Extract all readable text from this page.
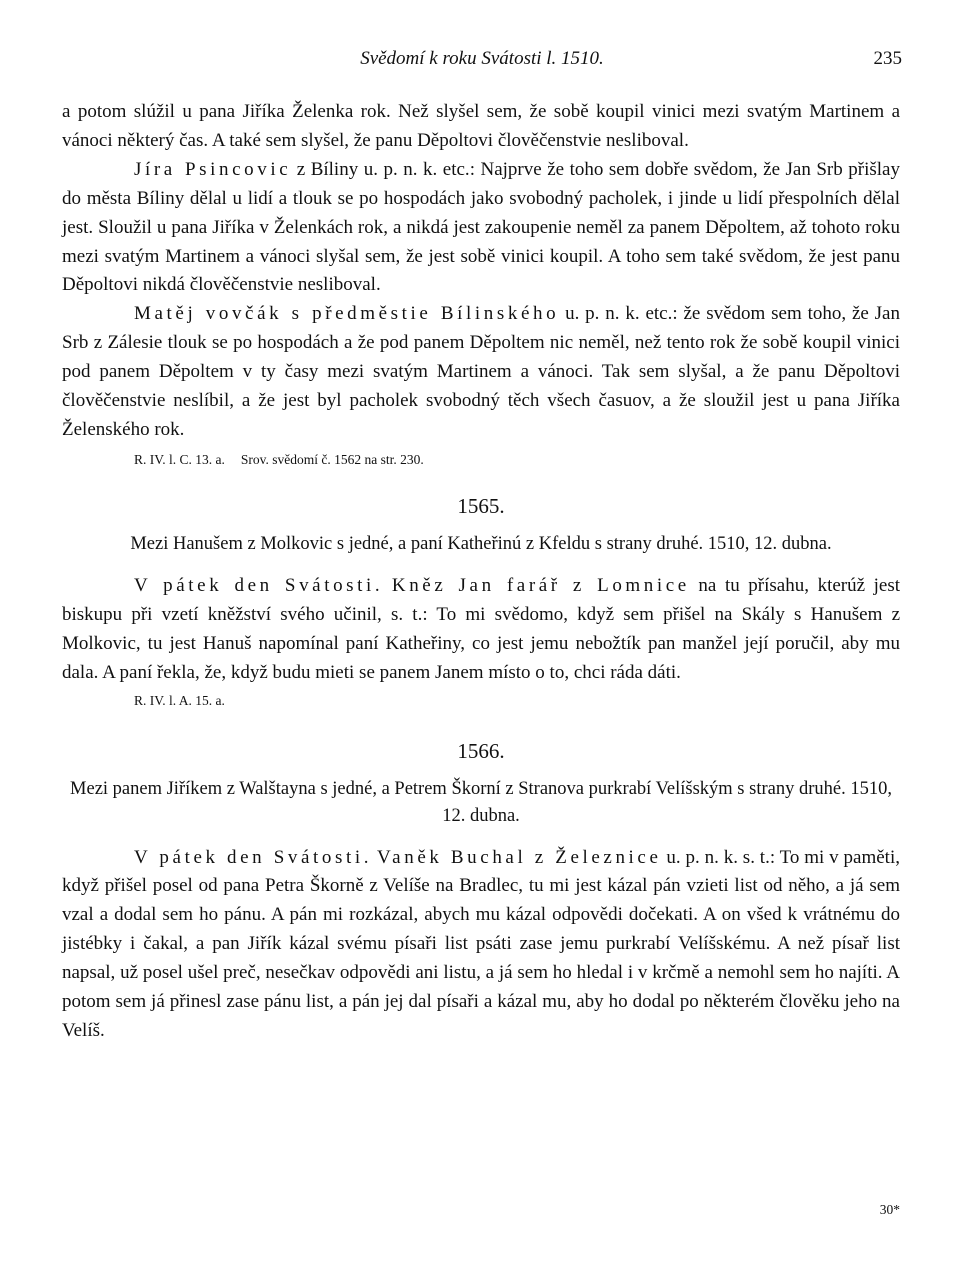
Svědomí k roku Svátosti l. 1510.	235

a potom slúžil u pana Jiříka Želenka rok. Než slyšel sem, že sobě koupil vinici mezi svatým Martinem a vánoci některý čas. A také sem slyšel, že panu Děpoltovi člověčenstvie nesliboval.

Jíra Psincovic z Bíliny u. p. n. k. etc.: Najprve že toho sem dobře svědom, že Jan Srb přišlay do města Bíliny dělal u lidí a tlouk se po hospodách jako svobodný pacholek, i jinde u lidí přespolních dělal jest. Sloužil u pana Jiříka v Želenkách rok, a nikdá jest zakoupenie neměl za panem Děpoltem, až tohoto roku mezi svatým Martinem a vánoci slyšal sem, že jest sobě vinici koupil. A toho sem také svědom, že jest panu Děpoltovi nikdá člověčenstvie nesliboval.

Matěj vovčák s předměstie Bílinského u. p. n. k. etc.: že svědom sem toho, že Jan Srb z Zálesie tlouk se po hospodách a že pod panem Děpoltem nic neměl, než tento rok že sobě koupil vinici pod panem Děpoltem v ty časy mezi svatým Martinem a vánoci. Tak sem slyšal, a že panu Děpoltovi člověčenstvie neslíbil, a že jest byl pacholek svobodný těch všech časuov, a že sloužil jest u pana Jiříka Želenského rok.

R. IV. l. C. 13. a. Srov. svědomí č. 1562 na str. 230.
1565.
Mezi Hanušem z Molkovic s jedné, a paní Katheřinú z Kfeldu s strany druhé. 1510, 12. dubna.

V pátek den Svátosti. Kněz Jan farář z Lomnice na tu přísahu, kterúž jest biskupu při vzetí kněžství svého učinil, s. t.: To mi svědomo, když sem přišel na Skály s Hanušem z Molkovic, tu jest Hanuš napomínal paní Katheřiny, co jest jemu nebožtík pan manžel její poručil, aby mu dala. A paní řekla, že, když budu mieti se panem Janem místo o to, chci ráda dáti.

R. IV. l. A. 15. a.
1566.
Mezi panem Jiříkem z Walštayna s jedné, a Petrem Škorní z Stranova purkrabí Velíšským s strany druhé. 1510, 12. dubna.

V pátek den Svátosti. Vaněk Buchal z Železnice u. p. n. k. s. t.: To mi v paměti, když přišel posel od pana Petra Škorně z Velíše na Bradlec, tu mi jest kázal pán vzieti list od něho, a já sem vzal a dodal sem ho pánu. A pán mi rozkázal, abych mu kázal odpovědi dočekati. A on všed k vrátnému do jistébky i čakal, a pan Jiřík kázal svému písaři list psáti zase jemu purkrabí Velíšskému. A než písař list napsal, už posel ušel preč, nesečkav odpovědi ani listu, a já sem ho hledal i v krčmě a nemohl sem ho najíti. A potom sem já přinesl zase pánu list, a pán jej dal písaři a kázal mu, aby ho dodal po některém člověku jeho na Velíš.

30*
